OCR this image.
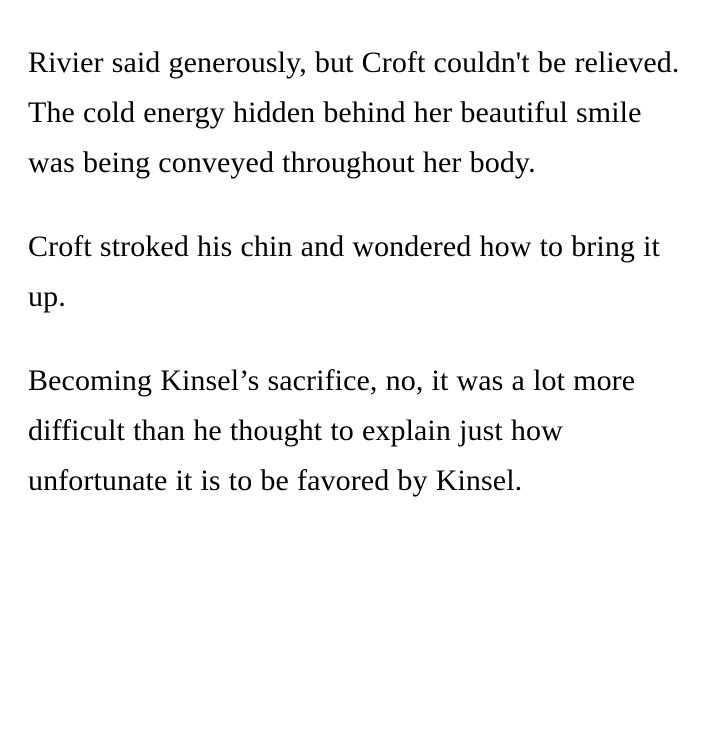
Rivier said generously, but Croft couldn't be relieved. The cold energy hidden behind her beautiful smile was being conveyed throughout her body.

Croft stroked his chin and wondered how to bring it up.

Becoming Kinsel’s sacrifice, no, it was a lot more difficult than he thought to explain just how unfortunate it is to be favored by Kinsel.
